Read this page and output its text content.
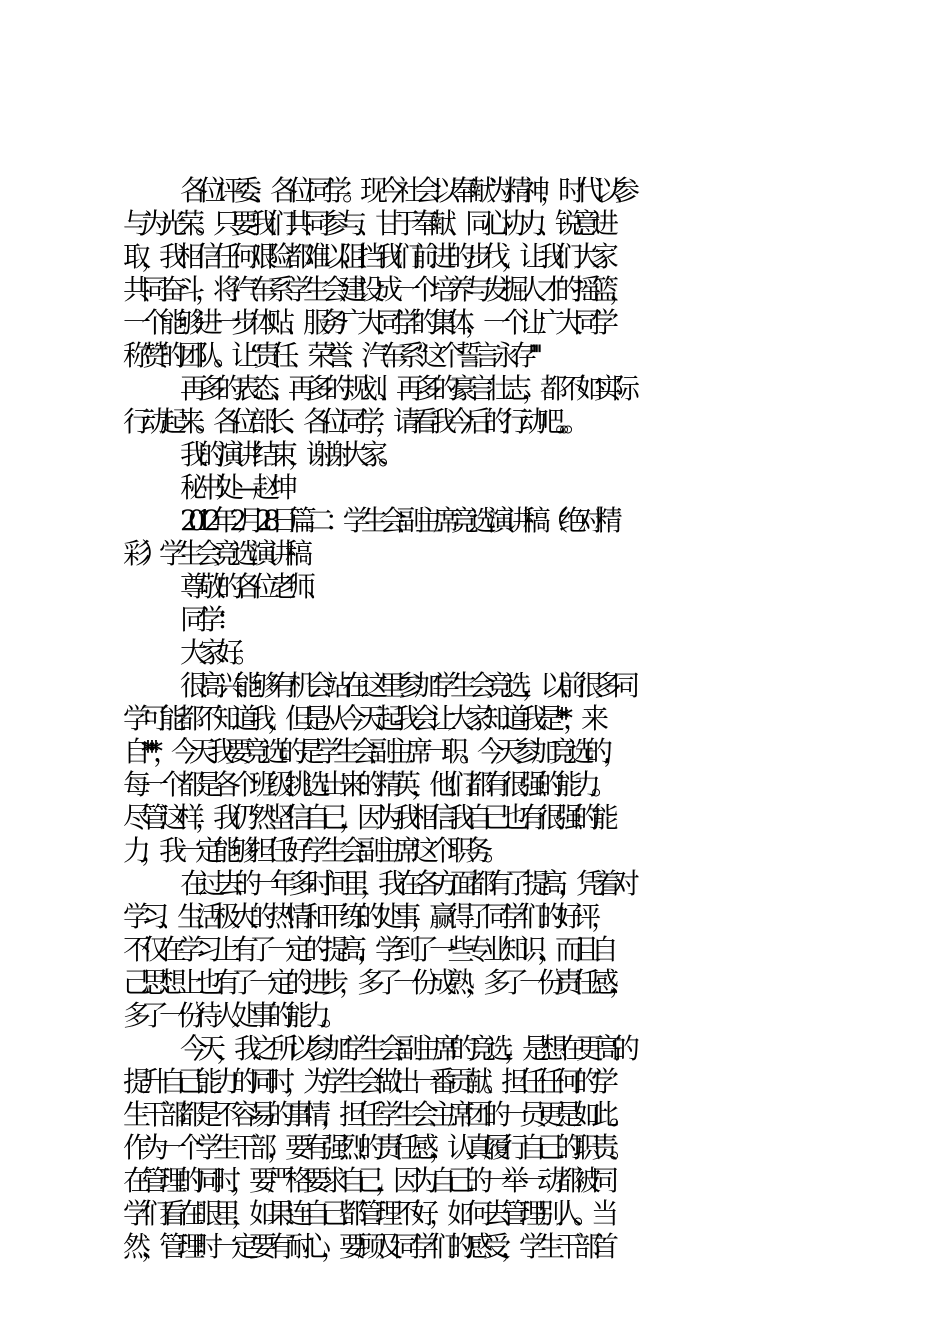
各位评委、各位同学。现今社会以奉献为精神，时代以参
与为光荣。只要我们共同参与、甘于奉献、同心协力、锐意进
取，我相信任何艰险都难以阻挡我们前进的步伐，让我们大家
共同奋斗，将汽车系学生会建设成一个培养与发掘人才的摇篮，
一个能够进一步体贴、服务广大同学的集体，一个让广大同学
称赞的团队。让“责任、荣誉、汽车系”这个誓言永存""
再多的表态、再多的规划、再多的豪言壮志，都不如实际
行动起来。各位部长、各位同学，请看我今后的行动吧。。。
我的演讲结束，谢谢大家。
秘书处—赵坤
2012年2月28日篇二：学生会副主席竞选演讲稿（绝对精
彩）学生会竞选演讲稿
尊敬的各位老师、
同学：
大家好。
很高兴能够有机会站在这里参加学生会竞选，以前很多同
学可能都不知道我，但是从今天起我会让大家知道我是**，来
自***，今天我要竞选的是学生会副主席一职。今天参加竞选的，
每一个都是各个班级挑选出来的精英，他们都有很强的能力。
尽管这样，我仍然坚信自己，因为我相信我自己也有很强的能
力，我一定能够担任好学生会副主席这个职务。
在过去的一年多时间里，我在各方面都有了提高，凭着对
学习、生活极大的热情和干练的处事，赢得了同学们的好评，
不仅在学习上有了一定的提高，学到了一些专业知识，而且自
己思想上也有了一定的进步，多了一份成熟，多了一份责任感，
多了一份待人处事的能力。
今天，我之所以参加学生会副主席的竞选，是想在更高的
提升自己能力的同时，为学生会做出一番贡献。担任任何的学
生干部都是不容易的事情，担任学生会主席团的一员更是如此。
作为一个学生干部，要有强烈的责任感，认真履行自己的职责。
在管理的同时，要严格要求自己，因为自己的一举一动都被同
学们看在眼里，如果连自己都管理不好，如何去管理别人。当
然，管理时一定要有耐心，要顾及同学们的感受，学生干部首
